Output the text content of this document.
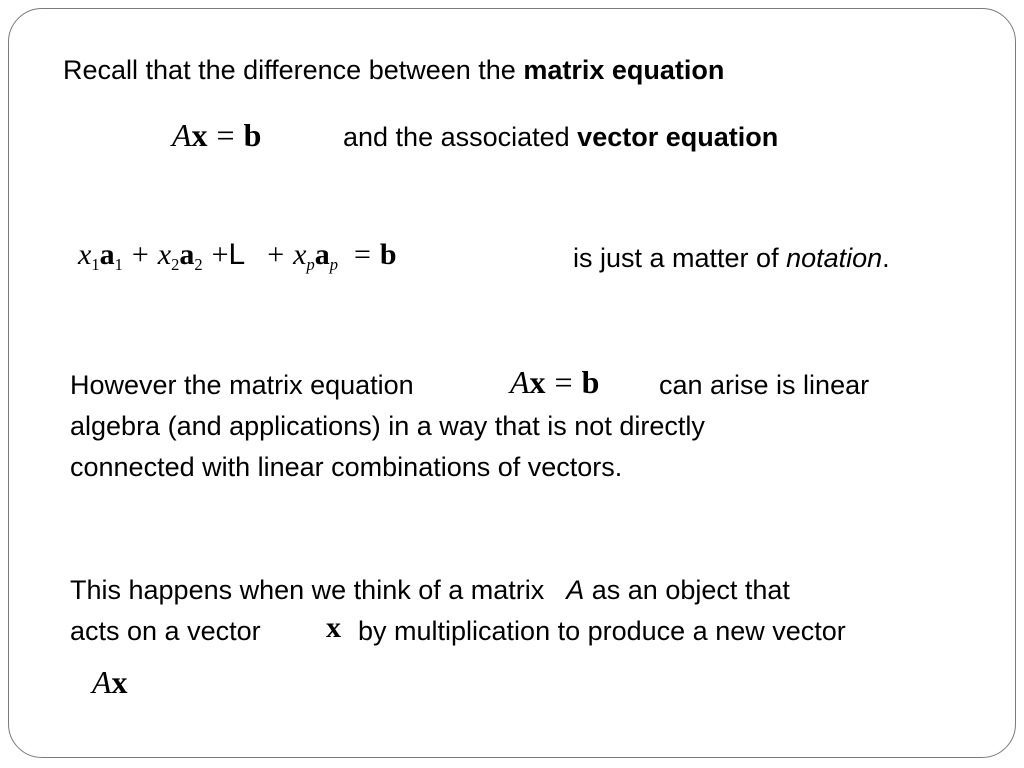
Recall that the difference between the matrix equation
Ax = b	and the associated vector equation
$x_1a_1 + x_2a_2 +L + x_pa_p = b$	is just a matter of notation.
However the matrix equation	Ax = b can arise is linear
algebra (and applications) in a way that is not directly
connected with linear combinations of vectors.
This happens when we think of a matrix A as an object that
acts on a vector x by multiplication to produce a new vector
Ax
